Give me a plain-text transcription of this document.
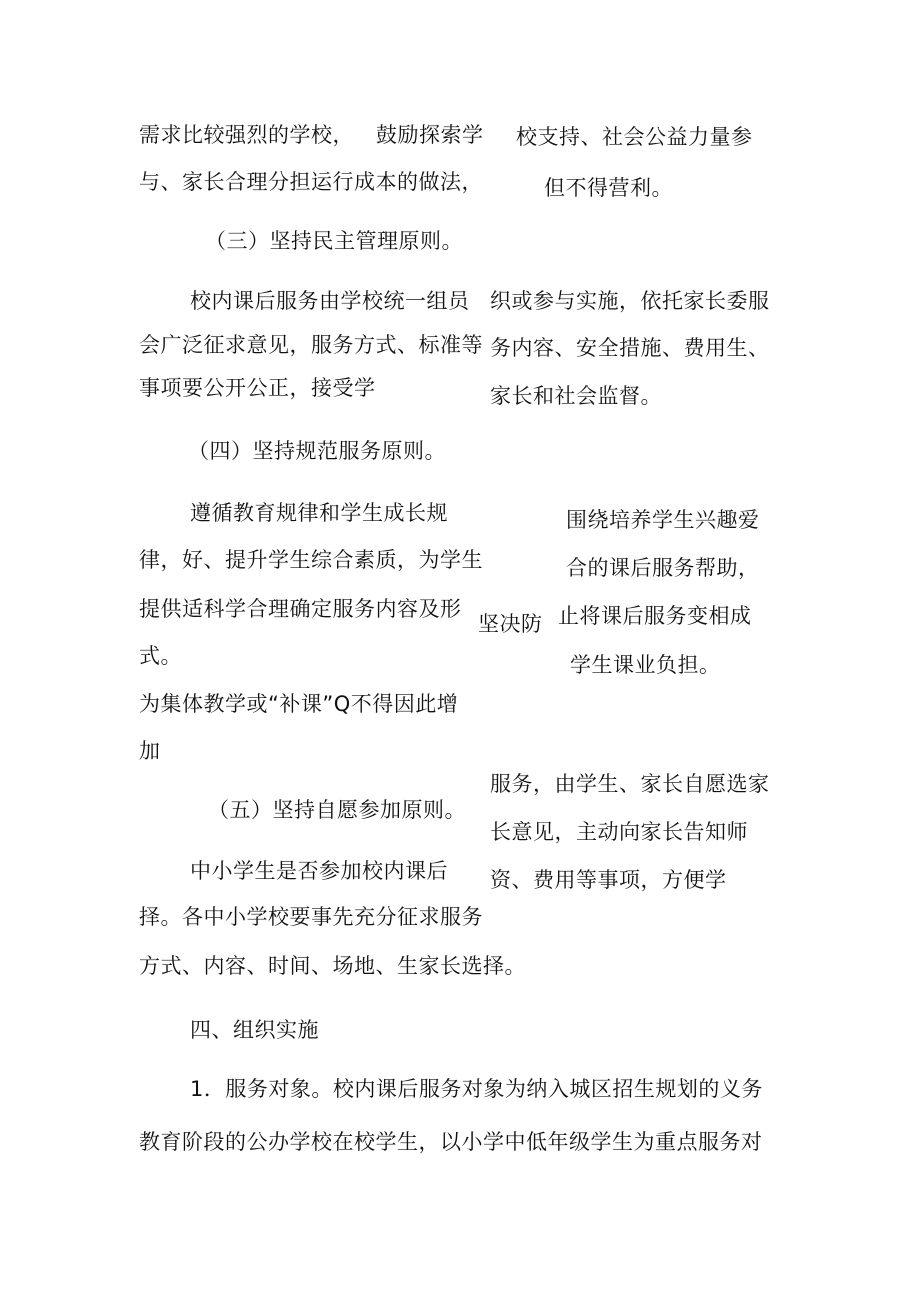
需求比较强烈的学校， 鼓励探索学 校支持、社会公益力量参
与、家长合理分担运行成本的做法，	但不得营利。
（三）坚持民主管理原则。
校内课后服务由学校统一组员 织或参与实施，依托家长委服
会广泛征求意见，服务方式、标准等 务内容、安全措施、费用生、
事项要公开公正，接受学	家长和社会监督。
（四）坚持规范服务原则。
遵循教育规律和学生成长规	围绕培养学生兴趣爱
律，好、提升学生综合素质，为学生	合的课后服务帮助，
提供适科学合理确定服务内容及形
坚决防 止将课后服务变相成
式。	学生课业负担。
为集体教学或“补课”Q不得因此增
加
服务，由学生、家长自愿选家
（五）坚持自愿参加原则。
长意见，主动向家长告知师
中小学生是否参加校内课后 资、费用等事项，方便学
择。各中小学校要事先充分征求服务
方式、内容、时间、场地、生家长选择。
四、组织实施
1．服务对象。校内课后服务对象为纳入城区招生规划的义务
教育阶段的公办学校在校学生，以小学中低年级学生为重点服务对
